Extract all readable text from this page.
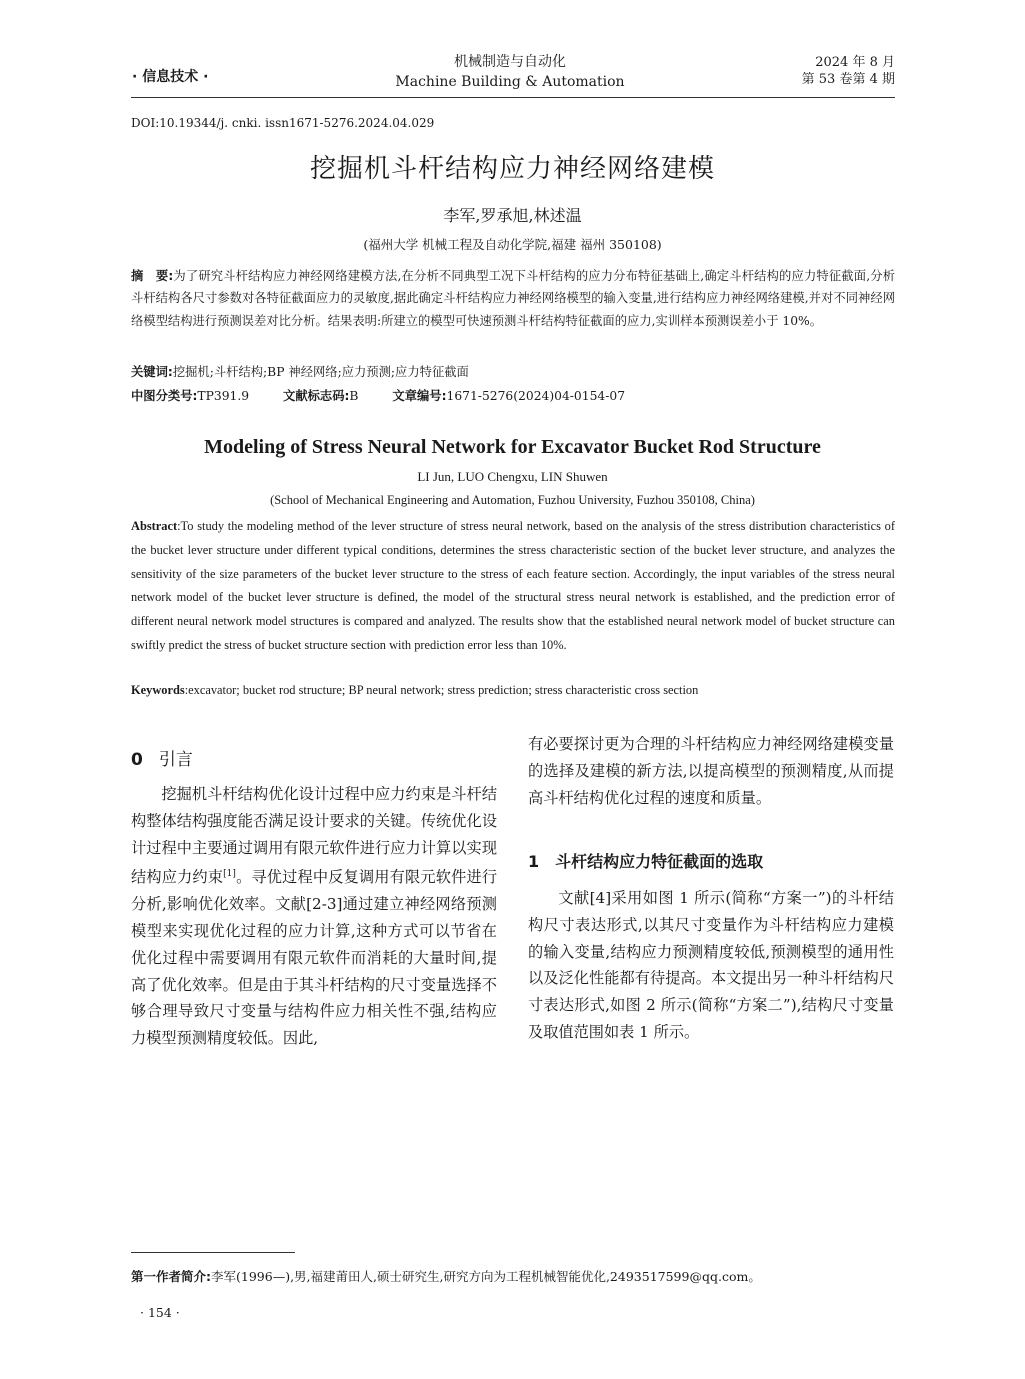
· 信息技术 ·
机械制造与自动化
Machine Building & Automation
2024 年 8 月
第 53 卷第 4 期
DOI:10.19344/j. cnki. issn1671-5276.2024.04.029
挖掘机斗杆结构应力神经网络建模
李军,罗承旭,林述温
(福州大学 机械工程及自动化学院,福建 福州 350108)
摘　要:为了研究斗杆结构应力神经网络建模方法,在分析不同典型工况下斗杆结构的应力分布特征基础上,确定斗杆结构的应力特征截面,分析斗杆结构各尺寸参数对各特征截面应力的灵敏度,据此确定斗杆结构应力神经网络模型的输入变量,进行结构应力神经网络建模,并对不同神经网络模型结构进行预测误差对比分析。结果表明:所建立的模型可快速预测斗杆结构特征截面的应力,实训样本预测误差小于 10%。
关键词:挖掘机;斗杆结构;BP 神经网络;应力预测;应力特征截面
中图分类号:TP391.9	文献标志码:B	文章编号:1671-5276(2024)04-0154-07
Modeling of Stress Neural Network for Excavator Bucket Rod Structure
LI Jun, LUO Chengxu, LIN Shuwen
(School of Mechanical Engineering and Automation, Fuzhou University, Fuzhou 350108, China)
Abstract:To study the modeling method of the lever structure of stress neural network, based on the analysis of the stress distribution characteristics of the bucket lever structure under different typical conditions, determines the stress characteristic section of the bucket lever structure, and analyzes the sensitivity of the size parameters of the bucket lever structure to the stress of each feature section. Accordingly, the input variables of the stress neural network model of the bucket lever structure is defined, the model of the structural stress neural network is established, and the prediction error of different neural network model structures is compared and analyzed. The results show that the established neural network model of bucket structure can swiftly predict the stress of bucket structure section with prediction error less than 10%.
Keywords:excavator; bucket rod structure; BP neural network; stress prediction; stress characteristic cross section
0 引言

挖掘机斗杆结构优化设计过程中应力约束是斗杆结构整体结构强度能否满足设计要求的关键。传统优化设计过程中主要通过调用有限元软件进行应力计算以实现结构应力约束[1]。寻优过程中反复调用有限元软件进行分析,影响优化效率。文献[2-3]通过建立神经网络预测模型来实现优化过程的应力计算,这种方式可以节省在优化过程中需要调用有限元软件而消耗的大量时间,提高了优化效率。但是由于其斗杆结构的尺寸变量选择不够合理导致尺寸变量与结构件应力相关性不强,结构应力模型预测精度较低。因此,

有必要探讨更为合理的斗杆结构应力神经网络建模变量的选择及建模的新方法,以提高模型的预测精度,从而提高斗杆结构优化过程的速度和质量。

1　斗杆结构应力特征截面的选取

文献[4]采用如图 1 所示(简称“方案一”)的斗杆结构尺寸表达形式,以其尺寸变量作为斗杆结构应力建模的输入变量,结构应力预测精度较低,预测模型的通用性以及泛化性能都有待提高。本文提出另一种斗杆结构尺寸表达形式,如图 2 所示(简称“方案二”),结构尺寸变量及取值范围如表 1 所示。

第一作者简介:李军(1996—),男,福建莆田人,硕士研究生,研究方向为工程机械智能优化,2493517599@qq.com。
· 154 ·
